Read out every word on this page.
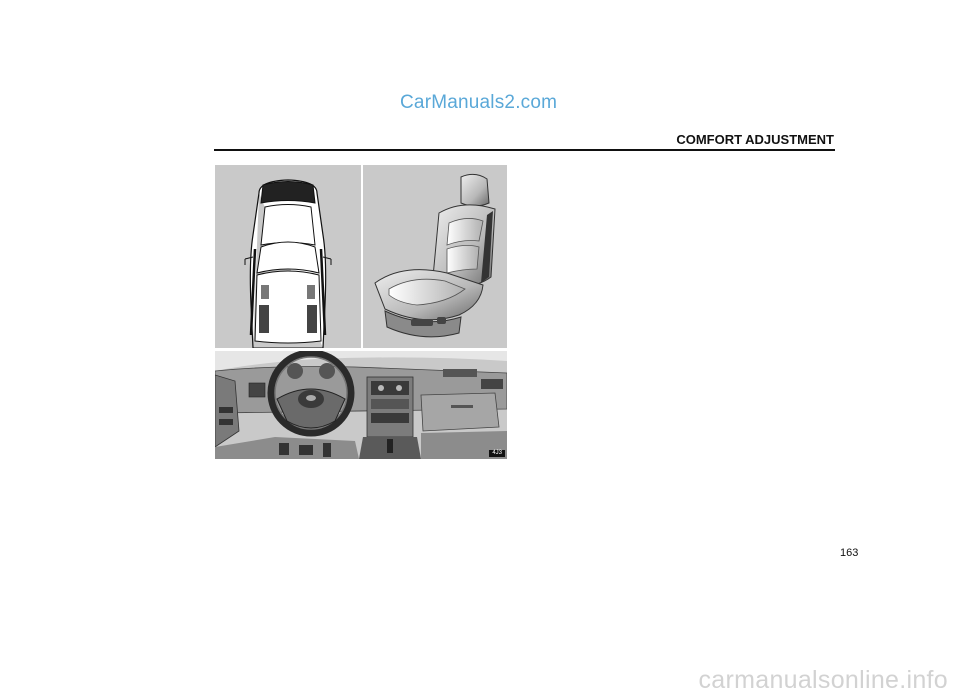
CarManuals2.com
COMFORT ADJUSTMENT
4J3
163
carmanualsonline.info
